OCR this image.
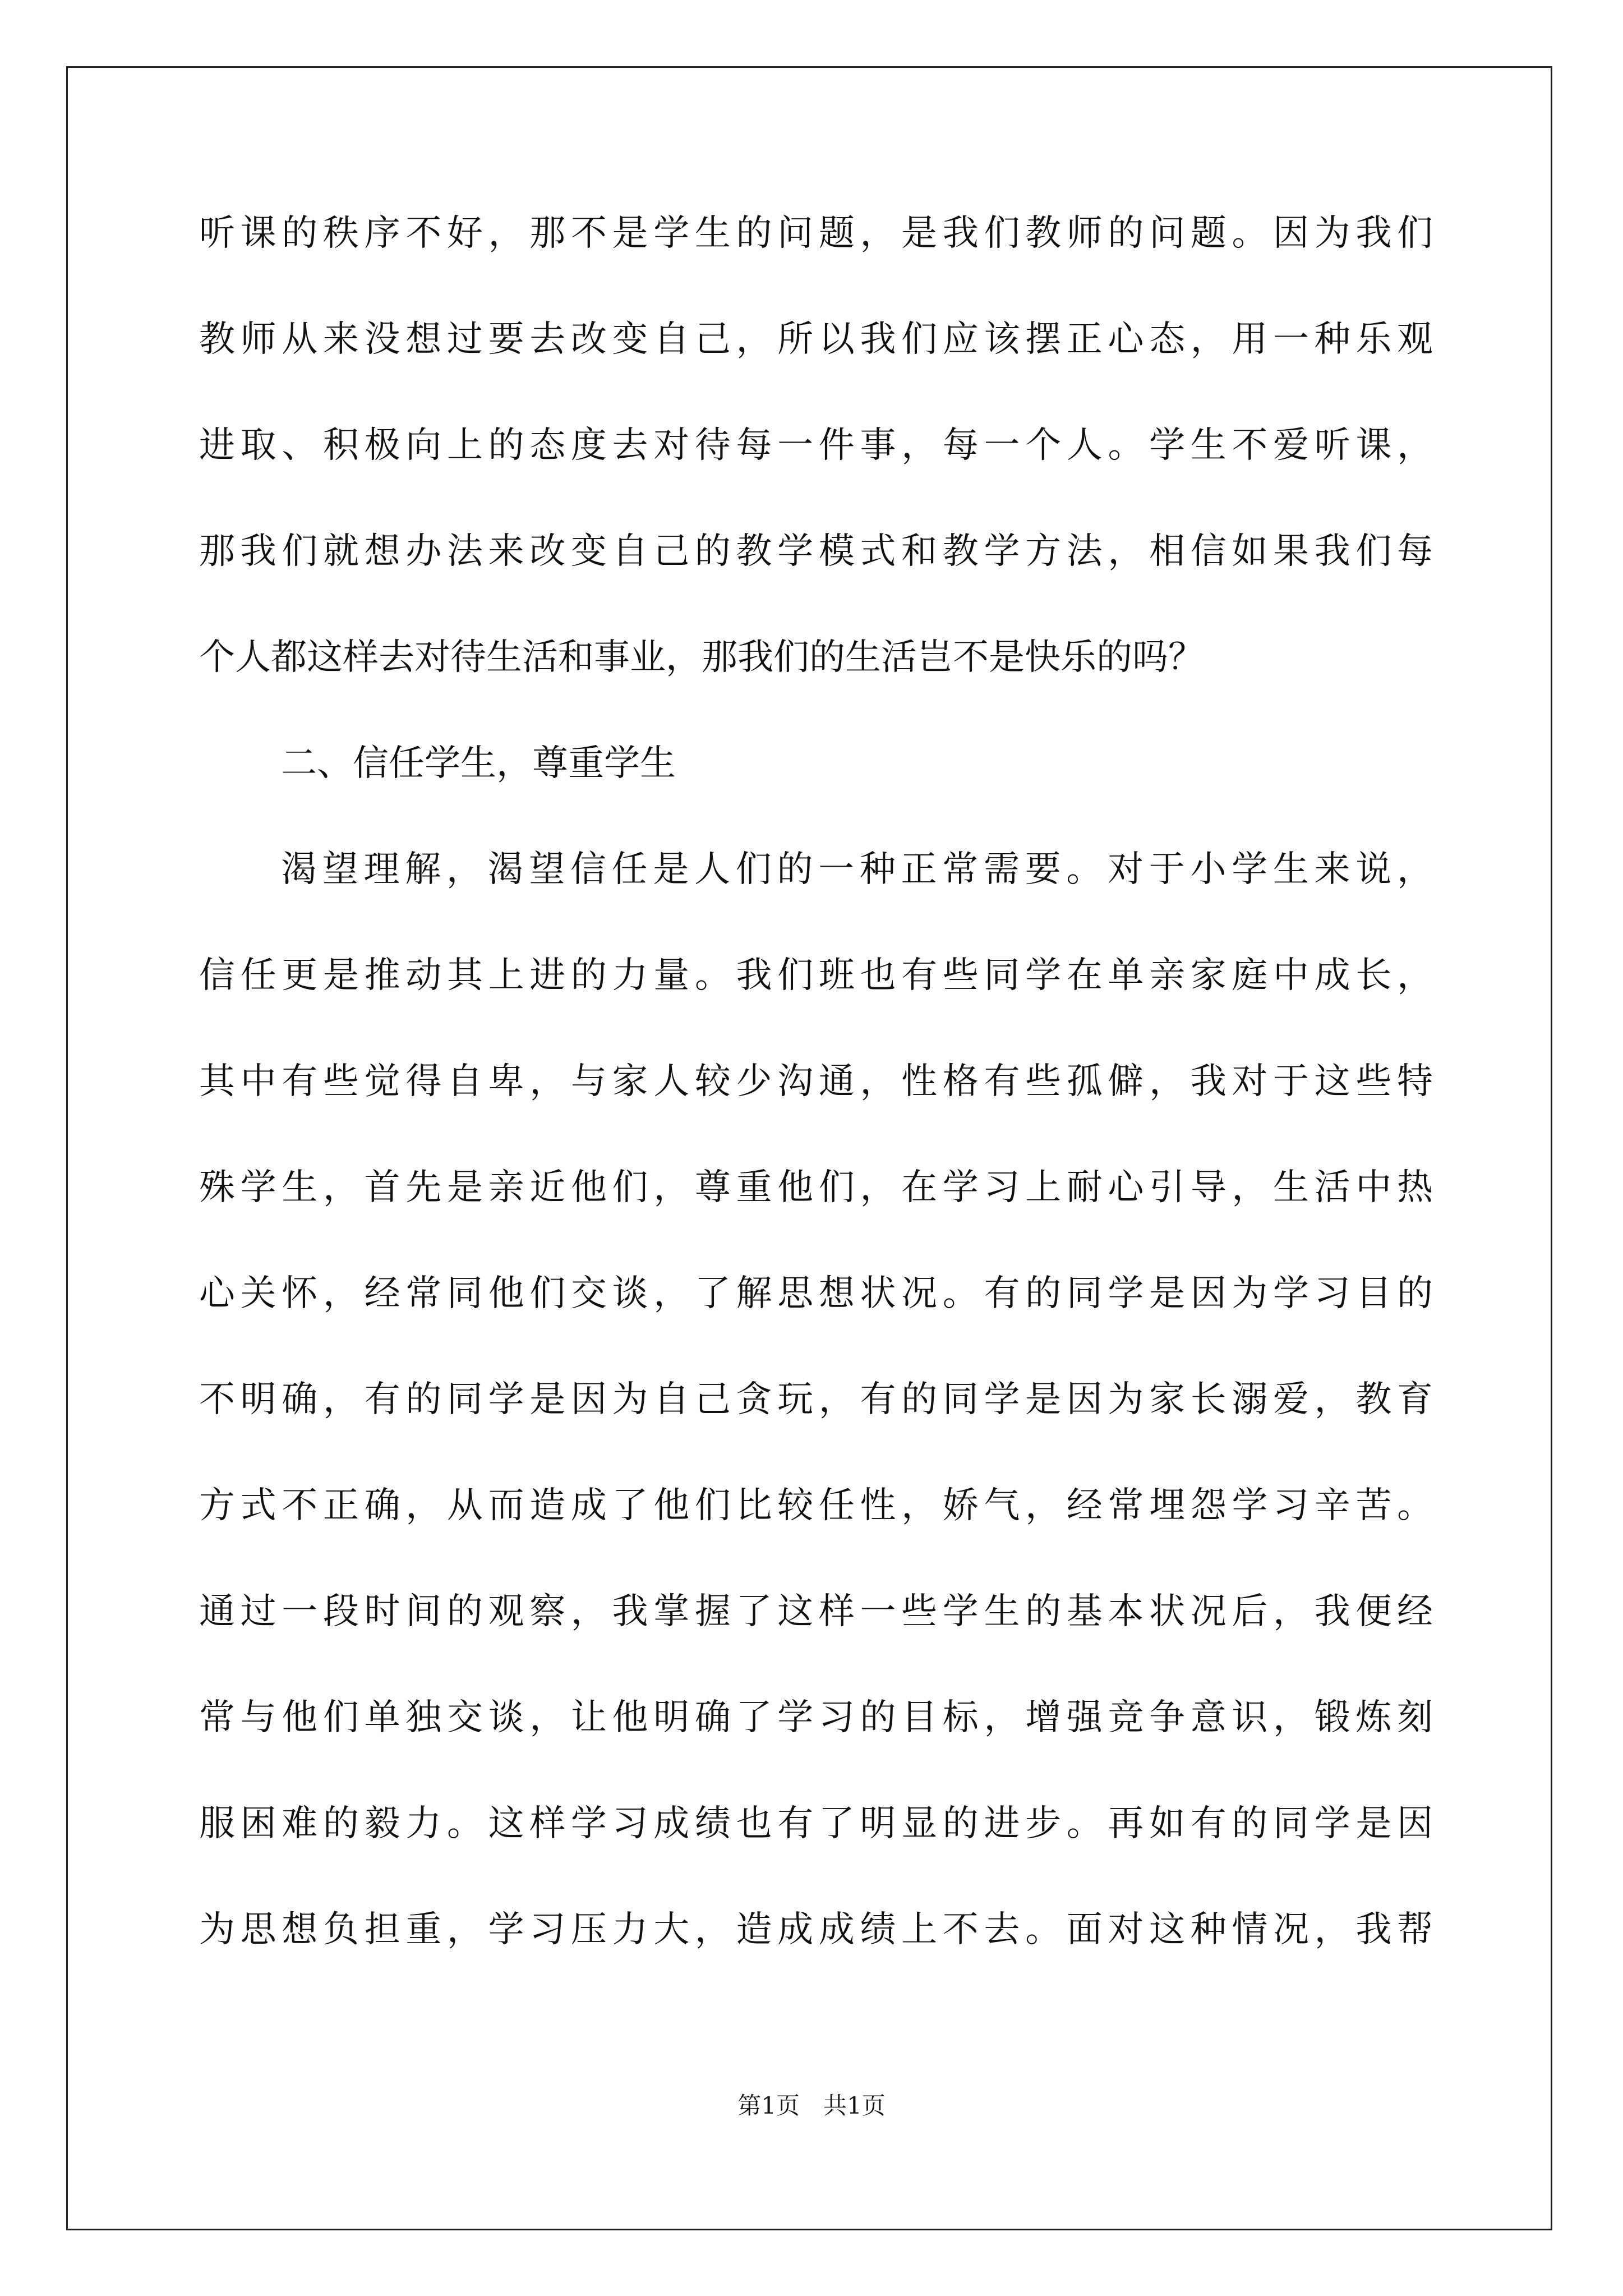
听课的秩序不好，那不是学生的问题，是我们教师的问题。因为我们
教师从来没想过要去改变自己，所以我们应该摆正心态，用一种乐观
进取、积极向上的态度去对待每一件事，每一个人。学生不爱听课，
那我们就想办法来改变自己的教学模式和教学方法，相信如果我们每
个人都这样去对待生活和事业，那我们的生活岂不是快乐的吗？
二、信任学生，尊重学生
渴望理解，渴望信任是人们的一种正常需要。对于小学生来说，
信任更是推动其上进的力量。我们班也有些同学在单亲家庭中成长，
其中有些觉得自卑，与家人较少沟通，性格有些孤僻，我对于这些特
殊学生，首先是亲近他们，尊重他们，在学习上耐心引导，生活中热
心关怀，经常同他们交谈，了解思想状况。有的同学是因为学习目的
不明确，有的同学是因为自己贪玩，有的同学是因为家长溺爱，教育
方式不正确，从而造成了他们比较任性，娇气，经常埋怨学习辛苦。
通过一段时间的观察，我掌握了这样一些学生的基本状况后，我便经
常与他们单独交谈，让他明确了学习的目标，增强竞争意识，锻炼刻
服困难的毅力。这样学习成绩也有了明显的进步。再如有的同学是因
为思想负担重，学习压力大，造成成绩上不去。面对这种情况，我帮
第1页　共1页
